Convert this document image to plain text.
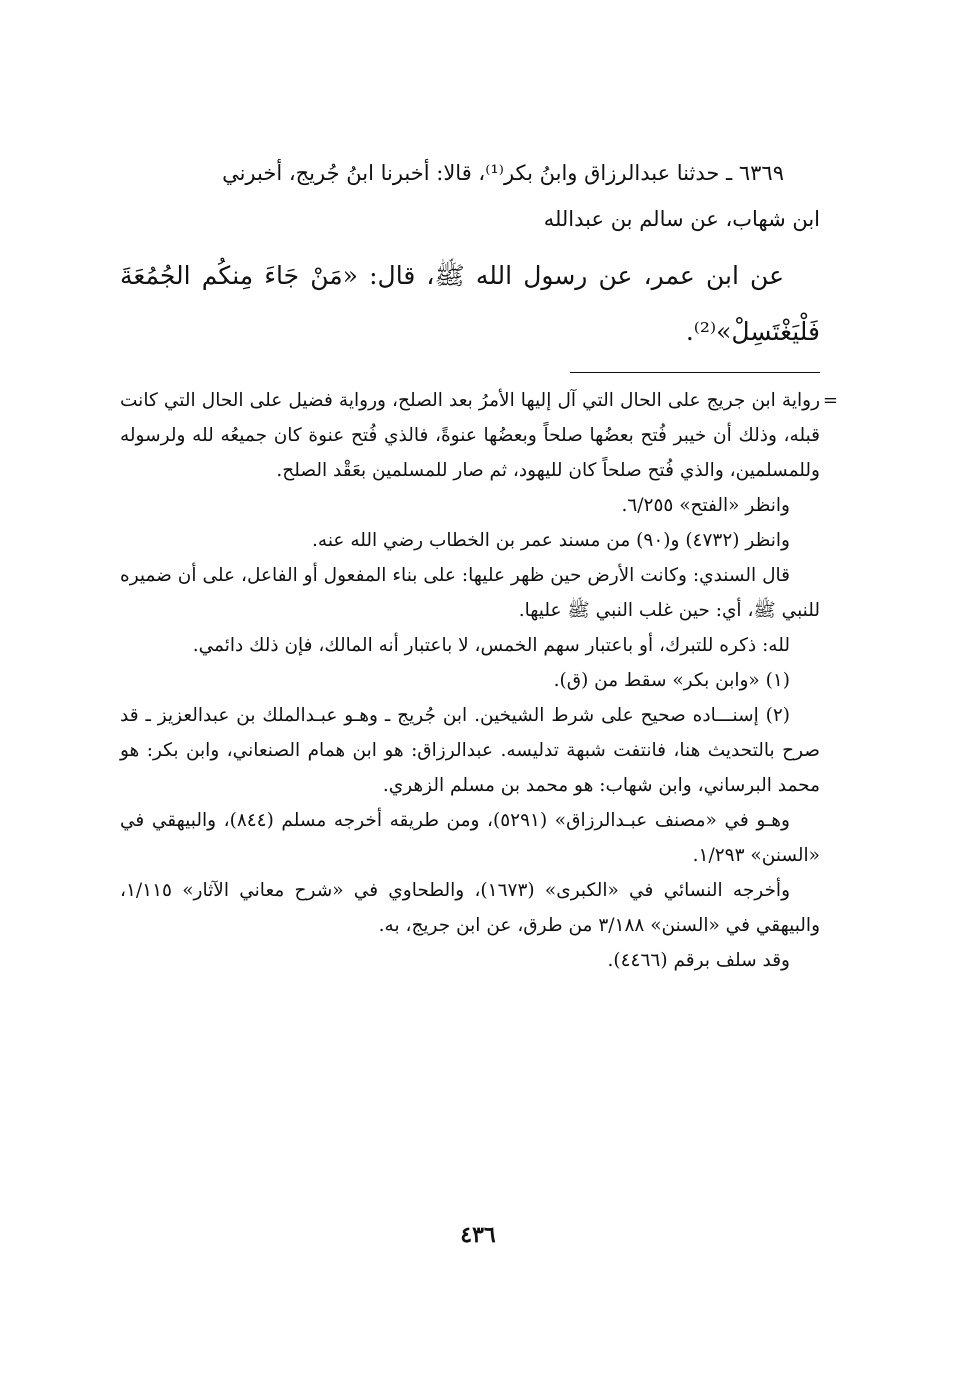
٦٣٦٩ ـ حدثنا عبدالرزاق وابنُ بكر⁽¹⁾، قالا: أخبرنا ابنُ جُريج، أخبرني

ابن شهاب، عن سالم بن عبدالله

عن ابن عمر، عن رسول الله ﷺ، قال: «مَنْ جَاءَ مِنكُم الجُمُعَةَ فَلْيَغْتَسِلْ»⁽²⁾.

=
رواية ابن جريج على الحال التي آل إليها الأمرُ بعد الصلح، ورواية فضيل على الحال التي كانت قبله، وذلك أن خيبر فُتح بعضُها صلحاً وبعضُها عنوةً، فالذي فُتح عنوة كان جميعُه لله ولرسوله وللمسلمين، والذي فُتح صلحاً كان لليهود، ثم صار للمسلمين بعَقْد الصلح.

وانظر «الفتح» ٦/٢٥٥.

وانظر (٤٧٣٢) و(٩٠) من مسند عمر بن الخطاب رضي الله عنه.

قال السندي: وكانت الأرض حين ظهر عليها: على بناء المفعول أو الفاعل، على أن ضميره للنبي ﷺ، أي: حين غلب النبي ﷺ عليها.

لله: ذكره للتبرك، أو باعتبار سهم الخمس، لا باعتبار أنه المالك، فإن ذلك دائمي.

(١) «وابن بكر» سقط من (ق).

(٢) إسنـــاده صحيح على شرط الشيخين. ابن جُريج ـ وهـو عبـدالملك بن عبدالعزيز ـ قد صرح بالتحديث هنا، فانتفت شبهة تدليسه. عبدالرزاق: هو ابن همام الصنعاني، وابن بكر: هو محمد البرساني، وابن شهاب: هو محمد بن مسلم الزهري.

وهـو في «مصنف عبـدالرزاق» (٥٢٩١)، ومن طريقه أخرجه مسلم (٨٤٤)، والبيهقي في «السنن» ١/٢٩٣.

وأخرجه النسائي في «الكبرى» (١٦٧٣)، والطحاوي في «شرح معاني الآثار» ١/١١٥، والبيهقي في «السنن» ٣/١٨٨ من طرق، عن ابن جريج، به.

وقد سلف برقم (٤٤٦٦).

٤٣٦
